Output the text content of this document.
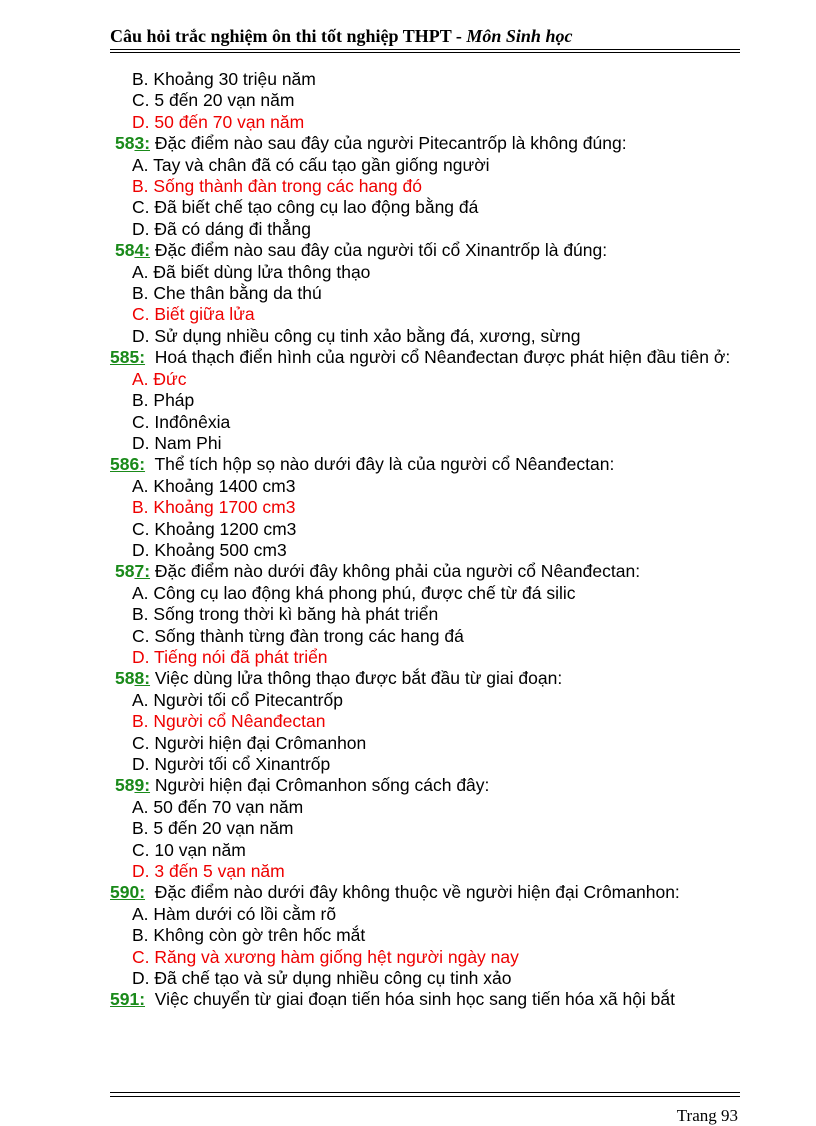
Câu hỏi trắc nghiệm ôn thi tốt nghiệp THPT - Môn Sinh học
B. Khoảng 30 triệu năm
C. 5 đến 20 vạn năm
D. 50 đến 70 vạn năm
583: Đặc điểm nào sau đây của người Pitecantrốp là không đúng:
A. Tay và chân đã có cấu tạo gần giống người
B. Sống thành đàn trong các hang đó
C. Đã biết chế tạo công cụ lao động bằng đá
D. Đã có dáng đi thẳng
584: Đặc điểm nào sau đây của người tối cổ Xinantrốp là đúng:
A. Đã biết dùng lửa thông thạo
B. Che thân bằng da thú
C. Biết giữa lửa
D. Sử dụng nhiều công cụ tinh xảo bằng đá, xương, sừng
585: Hoá thạch điển hình của người cổ Nêanđectan được phát hiện đầu tiên ở:
A. Đức
B. Pháp
C. Inđônêxia
D. Nam Phi
586: Thể tích hộp sọ nào dưới đây là của người cổ Nêanđectan:
A. Khoảng 1400 cm3
B. Khoảng 1700 cm3
C. Khoảng 1200 cm3
D. Khoảng 500 cm3
587: Đặc điểm nào dưới đây không phải của người cổ Nêanđectan:
A. Công cụ lao động khá phong phú, được chế từ đá silic
B. Sống trong thời kì băng hà phát triển
C. Sống thành từng đàn trong các hang đá
D. Tiếng nói đã phát triển
588: Việc dùng lửa thông thạo được bắt đầu từ giai đoạn:
A. Người tối cổ Pitecantrốp
B. Người cổ Nêanđectan
C. Người hiện đại Crômanhon
D. Người tối cổ Xinantrốp
589: Người hiện đại Crômanhon sống cách đây:
A. 50 đến 70 vạn năm
B. 5 đến 20 vạn năm
C. 10 vạn năm
D. 3 đến 5 vạn năm
590: Đặc điểm nào dưới đây không thuộc về người hiện đại Crômanhon:
A. Hàm dưới có lồi cằm rõ
B. Không còn gờ trên hốc mắt
C. Răng và xương hàm giống hệt người ngày nay
D. Đã chế tạo và sử dụng nhiều công cụ tinh xảo
591: Việc chuyển từ giai đoạn tiến hóa sinh học sang tiến hóa xã hội bắt
Trang 93
